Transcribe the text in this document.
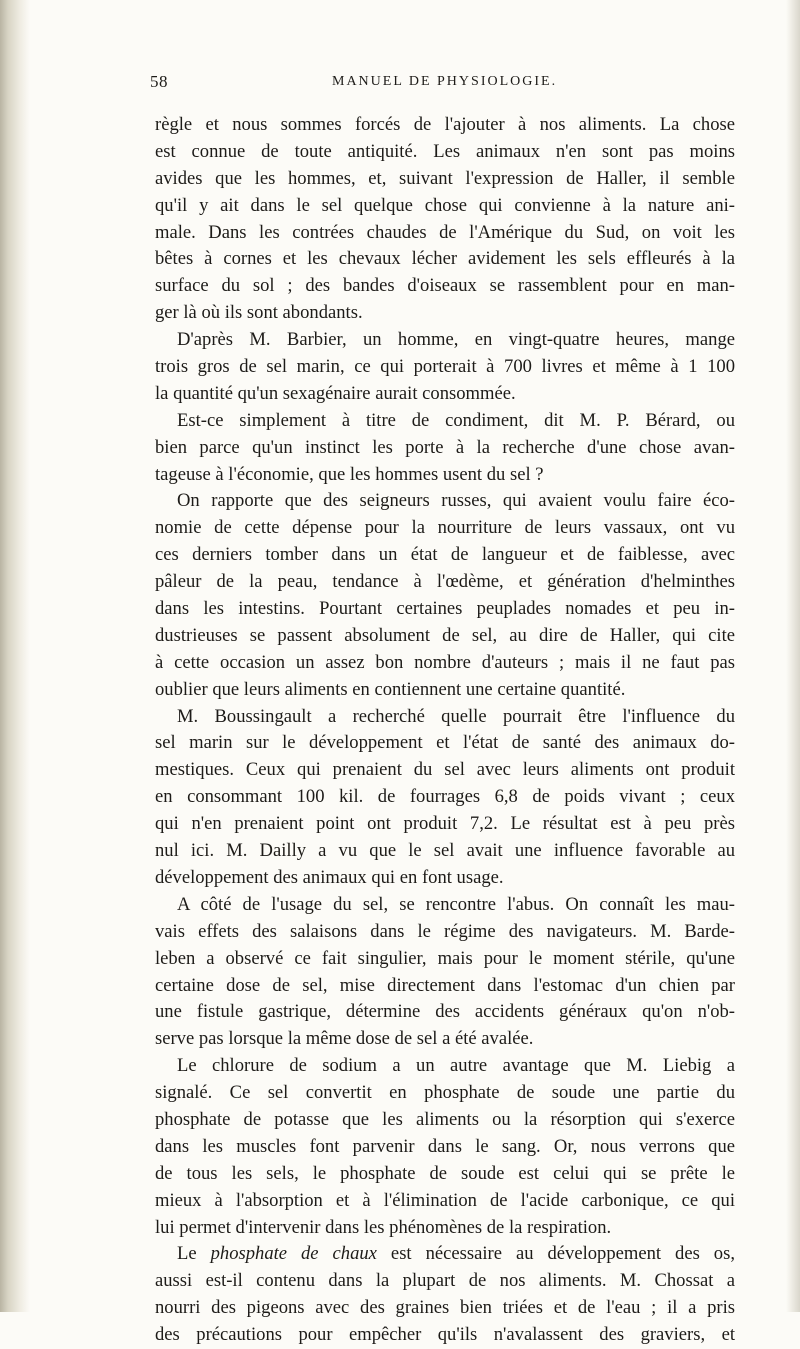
58	MANUEL DE PHYSIOLOGIE.
règle et nous sommes forcés de l'ajouter à nos aliments. La chose
est connue de toute antiquité. Les animaux n'en sont pas moins
avides que les hommes, et, suivant l'expression de Haller, il semble
qu'il y ait dans le sel quelque chose qui convienne à la nature ani-
male. Dans les contrées chaudes de l'Amérique du Sud, on voit les
bêtes à cornes et les chevaux lécher avidement les sels effleurés à la
surface du sol ; des bandes d'oiseaux se rassemblent pour en man-
ger là où ils sont abondants.
D'après M. Barbier, un homme, en vingt-quatre heures, mange
trois gros de sel marin, ce qui porterait à 700 livres et même à 1 100
la quantité qu'un sexagénaire aurait consommée.
Est-ce simplement à titre de condiment, dit M. P. Bérard, ou
bien parce qu'un instinct les porte à la recherche d'une chose avan-
tageuse à l'économie, que les hommes usent du sel ?
On rapporte que des seigneurs russes, qui avaient voulu faire éco-
nomie de cette dépense pour la nourriture de leurs vassaux, ont vu
ces derniers tomber dans un état de langueur et de faiblesse, avec
pâleur de la peau, tendance à l'œdème, et génération d'helminthes
dans les intestins. Pourtant certaines peuplades nomades et peu in-
dustrieuses se passent absolument de sel, au dire de Haller, qui cite
à cette occasion un assez bon nombre d'auteurs ; mais il ne faut pas
oublier que leurs aliments en contiennent une certaine quantité.
M. Boussingault a recherché quelle pourrait être l'influence du
sel marin sur le développement et l'état de santé des animaux do-
mestiques. Ceux qui prenaient du sel avec leurs aliments ont produit
en consommant 100 kil. de fourrages 6,8 de poids vivant ; ceux
qui n'en prenaient point ont produit 7,2. Le résultat est à peu près
nul ici. M. Dailly a vu que le sel avait une influence favorable au
développement des animaux qui en font usage.
A côté de l'usage du sel, se rencontre l'abus. On connaît les mau-
vais effets des salaisons dans le régime des navigateurs. M. Barde-
leben a observé ce fait singulier, mais pour le moment stérile, qu'une
certaine dose de sel, mise directement dans l'estomac d'un chien par
une fistule gastrique, détermine des accidents généraux qu'on n'ob-
serve pas lorsque la même dose de sel a été avalée.
Le chlorure de sodium a un autre avantage que M. Liebig a
signalé. Ce sel convertit en phosphate de soude une partie du
phosphate de potasse que les aliments ou la résorption qui s'exerce
dans les muscles font parvenir dans le sang. Or, nous verrons que
de tous les sels, le phosphate de soude est celui qui se prête le
mieux à l'absorption et à l'élimination de l'acide carbonique, ce qui
lui permet d'intervenir dans les phénomènes de la respiration.
Le phosphate de chaux est nécessaire au développement des os,
aussi est-il contenu dans la plupart de nos aliments. M. Chossat a
nourri des pigeons avec des graines bien triées et de l'eau ; il a pris
des précautions pour empêcher qu'ils n'avalassent des graviers, et
